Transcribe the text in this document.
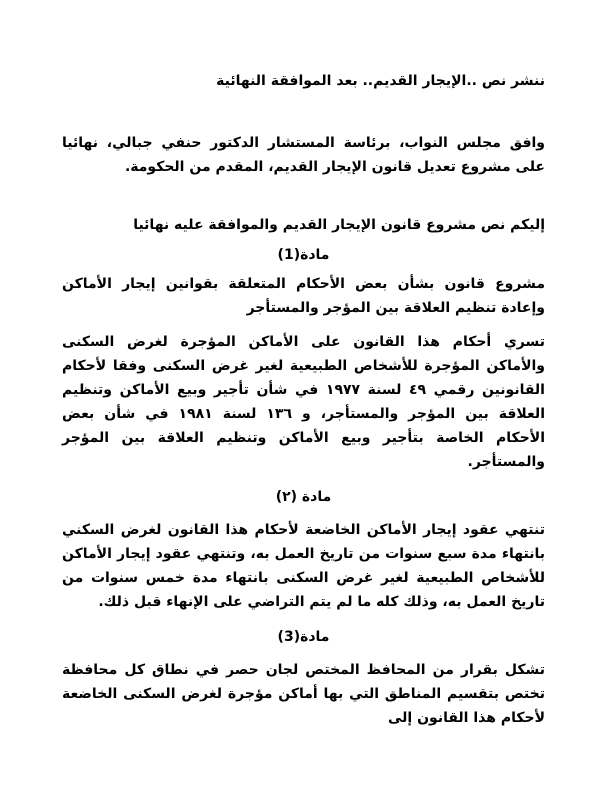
ننشر نص ..الإيجار القديم.. بعد الموافقة النهائية

وافق مجلس النواب، برئاسة المستشار الدكتور حنفي جبالي، نهائيا على مشروع تعديل قانون الإيجار القديم، المقدم من الحكومة.

إليكم نص مشروع قانون الإيجار القديم والموافقة عليه نهائيا

مادة(1)

مشروع قانون بشأن بعض الأحكام المتعلقة بقوانين إيجار الأماكن وإعادة تنظيم العلاقة بين المؤجر والمستأجر

تسري أحكام هذا القانون على الأماكن المؤجرة لغرض السكنى والأماكن المؤجرة للأشخاص الطبيعية لغير غرض السكنى وفقا لأحكام القانونين رقمي ٤٩ لسنة ١٩٧٧ في شأن تأجير وبيع الأماكن وتنظيم العلاقة بين المؤجر والمستأجر، و ١٣٦ لسنة ١٩٨١ في شأن بعض الأحكام الخاصة بتأجير وبيع الأماكن وتنظيم العلاقة بين المؤجر والمستأجر.

مادة (٢)

تنتهي عقود إيجار الأماكن الخاضعة لأحكام هذا القانون لغرض السكني بانتهاء مدة سبع سنوات من تاريخ العمل به، وتنتهي عقود إيجار الأماكن للأشخاص الطبيعية لغير غرض السكنى بانتهاء مدة خمس سنوات من تاريخ العمل به، وذلك كله ما لم يتم التراضي على الإنهاء قبل ذلك.

مادة(3)

تشكل بقرار من المحافظ المختص لجان حصر في نطاق كل محافظة تختص بتقسيم المناطق التي بها أماكن مؤجرة لغرض السكنى الخاضعة لأحكام هذا القانون إلى
